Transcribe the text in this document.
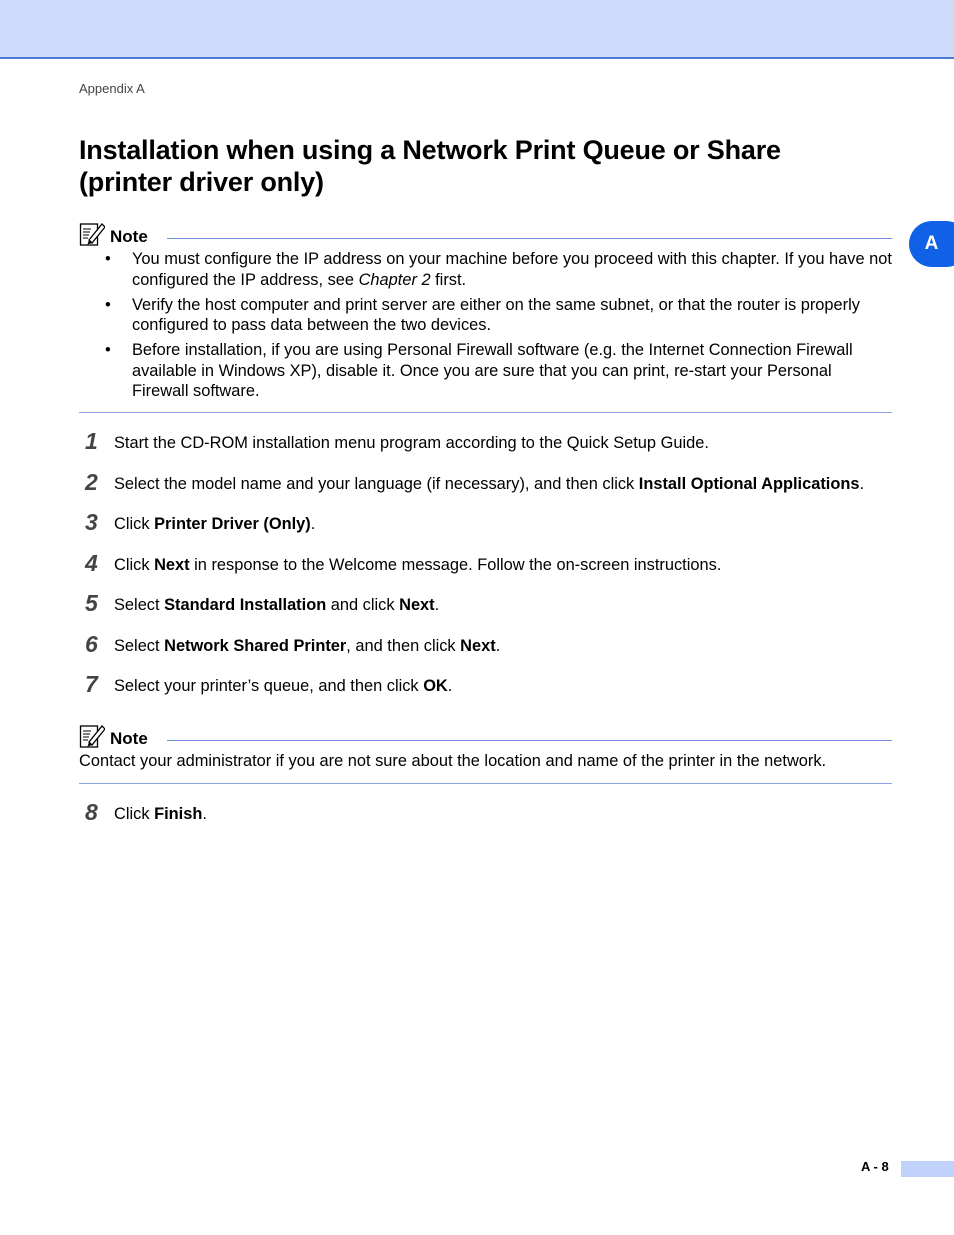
Appendix A
Installation when using a Network Print Queue or Share (printer driver only)
A
Note
• You must configure the IP address on your machine before you proceed with this chapter. If you have not configured the IP address, see Chapter 2 first.
• Verify the host computer and print server are either on the same subnet, or that the router is properly configured to pass data between the two devices.
• Before installation, if you are using Personal Firewall software (e.g. the Internet Connection Firewall available in Windows XP), disable it. Once you are sure that you can print, re-start your Personal Firewall software.
1 Start the CD-ROM installation menu program according to the Quick Setup Guide.
2 Select the model name and your language (if necessary), and then click Install Optional Applications.
3 Click Printer Driver (Only).
4 Click Next in response to the Welcome message. Follow the on-screen instructions.
5 Select Standard Installation and click Next.
6 Select Network Shared Printer, and then click Next.
7 Select your printer’s queue, and then click OK.
Note
Contact your administrator if you are not sure about the location and name of the printer in the network.
8 Click Finish.
A - 8
